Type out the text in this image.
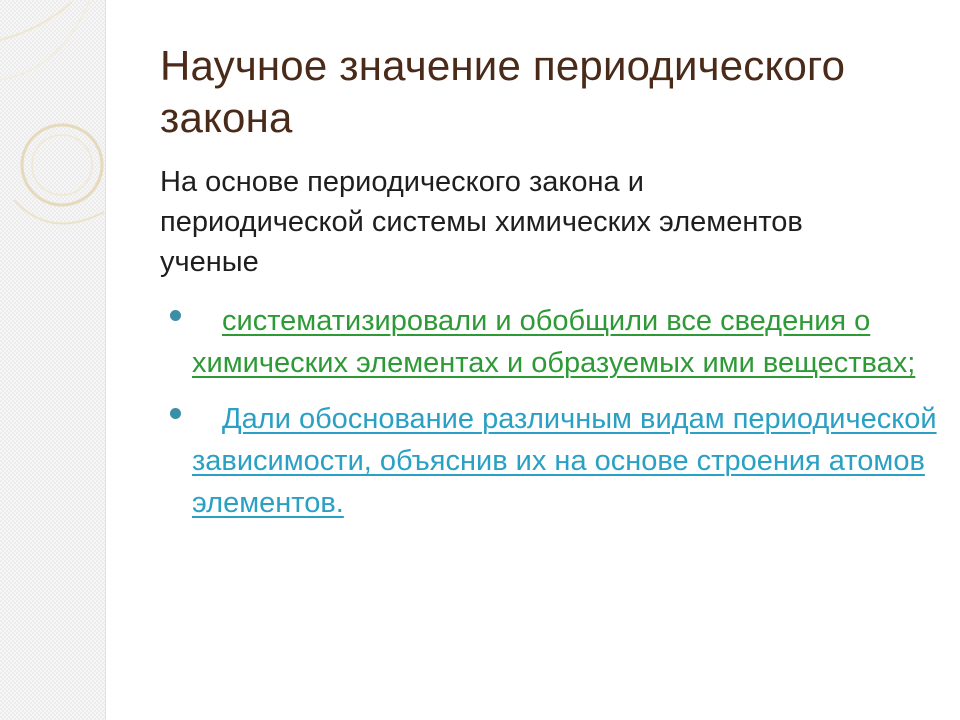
Научное значение периодического закона

На основе периодического закона и периодической системы химических элементов ученые

систематизировали и обобщили все сведения о химических элементах и образуемых ими веществах;
Дали обоснование различным видам периодической зависимости, объяснив их на основе строения атомов элементов.
